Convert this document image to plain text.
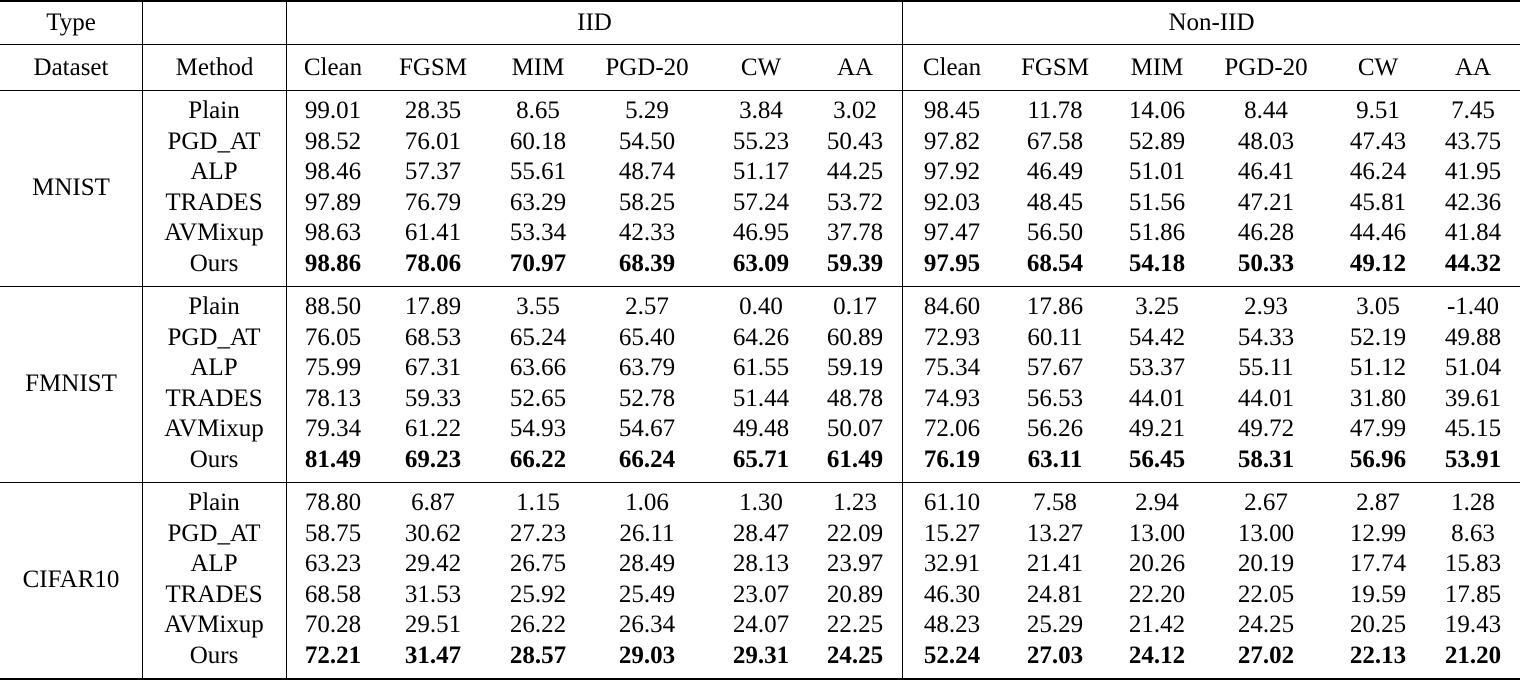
Type	IID	Non-IID
Dataset	Method	Clean	FGSM	MIM	PGD-20	CW	AA	Clean	FGSM	MIM	PGD-20	CW	AA
MNIST
Plain	99.01	28.35	8.65	5.29	3.84	3.02	98.45	11.78	14.06	8.44	9.51	7.45
PGD_AT	98.52	76.01	60.18	54.50	55.23	50.43	97.82	67.58	52.89	48.03	47.43	43.75
ALP	98.46	57.37	55.61	48.74	51.17	44.25	97.92	46.49	51.01	46.41	46.24	41.95
TRADES	97.89	76.79	63.29	58.25	57.24	53.72	92.03	48.45	51.56	47.21	45.81	42.36
AVMixup	98.63	61.41	53.34	42.33	46.95	37.78	97.47	56.50	51.86	46.28	44.46	41.84
Ours	98.86	78.06	70.97	68.39	63.09	59.39	97.95	68.54	54.18	50.33	49.12	44.32
FMNIST
Plain	88.50	17.89	3.55	2.57	0.40	0.17	84.60	17.86	3.25	2.93	3.05	-1.40
PGD_AT	76.05	68.53	65.24	65.40	64.26	60.89	72.93	60.11	54.42	54.33	52.19	49.88
ALP	75.99	67.31	63.66	63.79	61.55	59.19	75.34	57.67	53.37	55.11	51.12	51.04
TRADES	78.13	59.33	52.65	52.78	51.44	48.78	74.93	56.53	44.01	44.01	31.80	39.61
AVMixup	79.34	61.22	54.93	54.67	49.48	50.07	72.06	56.26	49.21	49.72	47.99	45.15
Ours	81.49	69.23	66.22	66.24	65.71	61.49	76.19	63.11	56.45	58.31	56.96	53.91
CIFAR10
Plain	78.80	6.87	1.15	1.06	1.30	1.23	61.10	7.58	2.94	2.67	2.87	1.28
PGD_AT	58.75	30.62	27.23	26.11	28.47	22.09	15.27	13.27	13.00	13.00	12.99	8.63
ALP	63.23	29.42	26.75	28.49	28.13	23.97	32.91	21.41	20.26	20.19	17.74	15.83
TRADES	68.58	31.53	25.92	25.49	23.07	20.89	46.30	24.81	22.20	22.05	19.59	17.85
AVMixup	70.28	29.51	26.22	26.34	24.07	22.25	48.23	25.29	21.42	24.25	20.25	19.43
Ours	72.21	31.47	28.57	29.03	29.31	24.25	52.24	27.03	24.12	27.02	22.13	21.20
